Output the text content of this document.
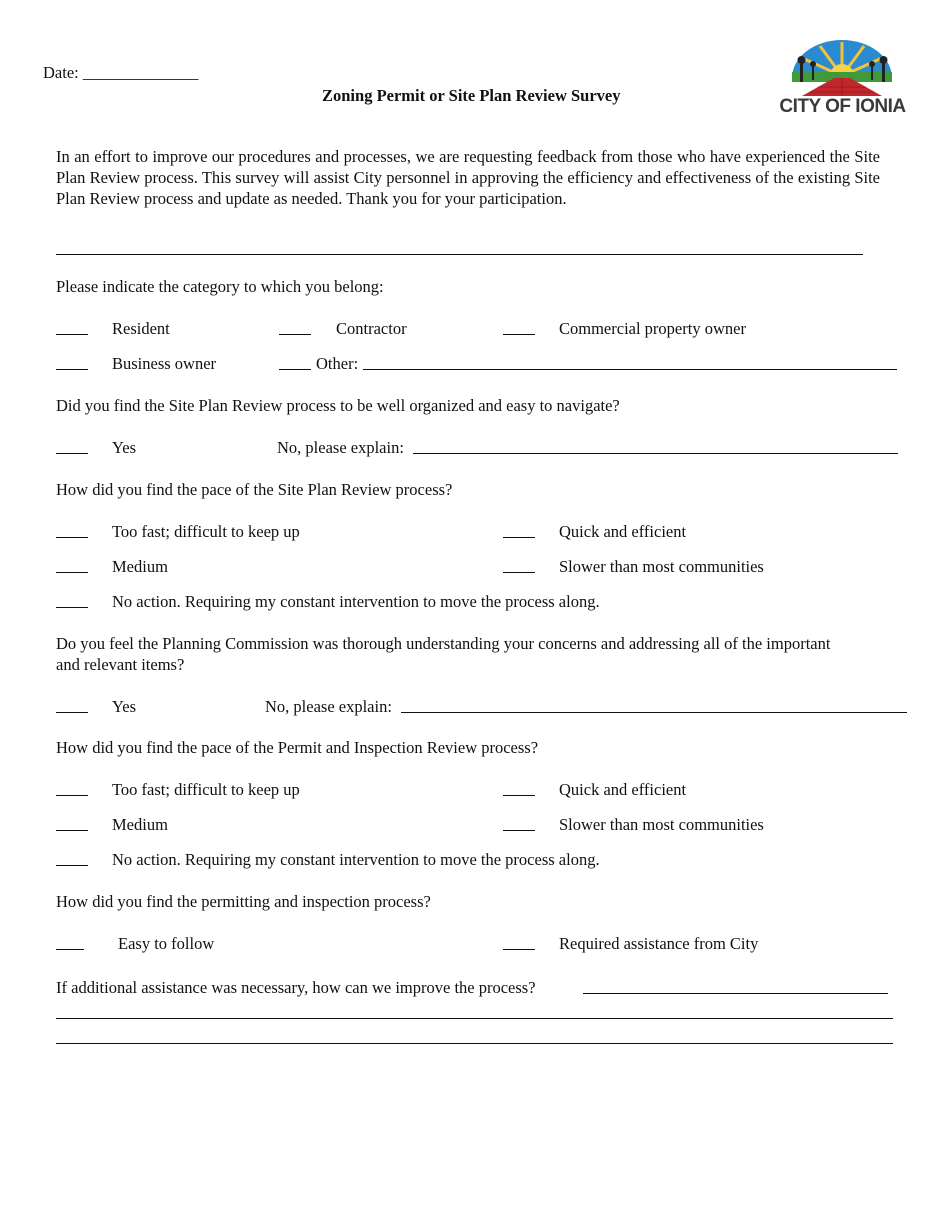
Date: ______________
Zoning Permit or Site Plan Review Survey
CITY OF IONIA
In an effort to improve our procedures and processes, we are requesting feedback from those who have experienced the Site Plan Review process. This survey will assist City personnel in approving the efficiency and effectiveness of the existing Site Plan Review process and update as needed. Thank you for your participation.
Please indicate the category to which you belong:
Resident	Contractor	Commercial property owner
Business owner	Other:
Did you find the Site Plan Review process to be well organized and easy to navigate?
Yes	No, please explain:
How did you find the pace of the Site Plan Review process?
Too fast; difficult to keep up	Quick and efficient
Medium	Slower than most communities
No action. Requiring my constant intervention to move the process along.
Do you feel the Planning Commission was thorough understanding your concerns and addressing all of the important
and relevant items?
Yes	No, please explain:
How did you find the pace of the Permit and Inspection Review process?
Too fast; difficult to keep up	Quick and efficient
Medium	Slower than most communities
No action. Requiring my constant intervention to move the process along.
How did you find the permitting and inspection process?
Easy to follow	Required assistance from City
If additional assistance was necessary, how can we improve the process?
